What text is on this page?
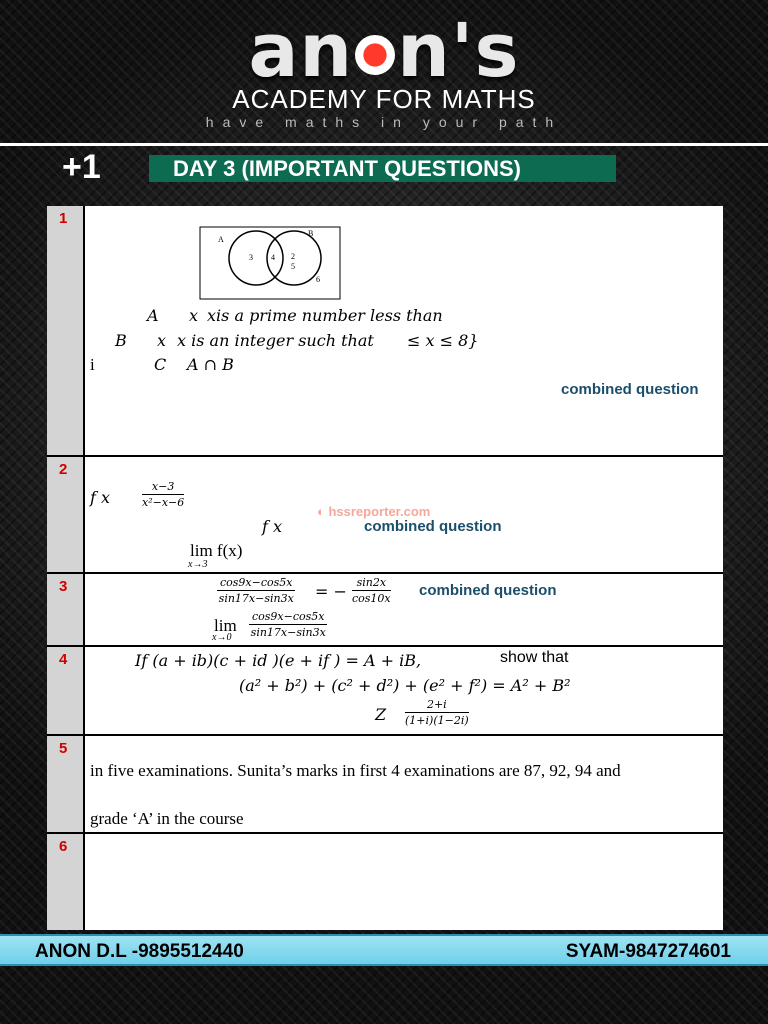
an n's
ACADEMY FOR MATHS
have maths in your path
+1	DAY 3 (IMPORTANT QUESTIONS)
1
A
B
3 4 2
5
6
A x xis a prime number less than
B x x is an integer such that ≤ x ≤ 8}
i	C A ∩ B
combined question
2
f x	$\frac{x-3}{\text{x²−x−6}}$
f x	combined question
lim f(x)
x→3
◐ hssreporter.com
3	$\frac{\cos 9x-\cos 5x}{\sin 17x-\sin 3x}$ = − $\frac{\sin 2x}{\cos 10x}$ combined question
lim
$x\to 0 \frac{\cos 9x-\cos 5x}{\sin 17x-\sin 3x}$
4	If (a + ib)(c + id )(e + if ) = A + iB,	show that
(a² + b²) + (c² + d²) + (e² + f²) = A² + B²
Z $\frac{2+i}{(1+i)(1-2i)}$
5
in five examinations. Sunita’s marks in first 4 examinations are 87, 92, 94 and
grade ‘A’ in the course
6
ANON D.L -9895512440	SYAM-9847274601
